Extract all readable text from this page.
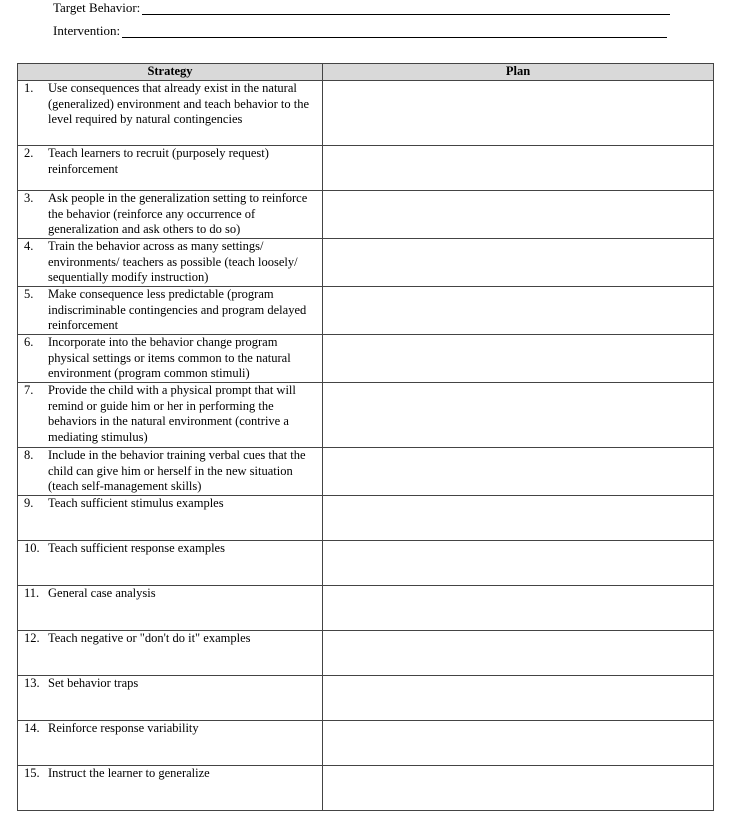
Target Behavior:
Intervention:
Strategy	Plan

1. Use consequences that already exist in the natural (generalized) environment and teach behavior to the level required by natural contingencies	

2. Teach learners to recruit (purposely request) reinforcement	

3. Ask people in the generalization setting to reinforce the behavior (reinforce any occurrence of generalization and ask others to do so)	

4. Train the behavior across as many settings/ environments/ teachers as possible (teach loosely/ sequentially modify instruction)	

5. Make consequence less predictable (program indiscriminable contingencies and program delayed reinforcement	

6. Incorporate into the behavior change program physical settings or items common to the natural environment (program common stimuli)	

7. Provide the child with a physical prompt that will remind or guide him or her in performing the behaviors in the natural environment (contrive a mediating stimulus)	

8. Include in the behavior training verbal cues that the child can give him or herself in the new situation (teach self-management skills)	

9. Teach sufficient stimulus examples	

10. Teach sufficient response examples	

11. General case analysis	

12. Teach negative or "don't do it" examples	

13. Set behavior traps	

14. Reinforce response variability	

15. Instruct the learner to generalize	
